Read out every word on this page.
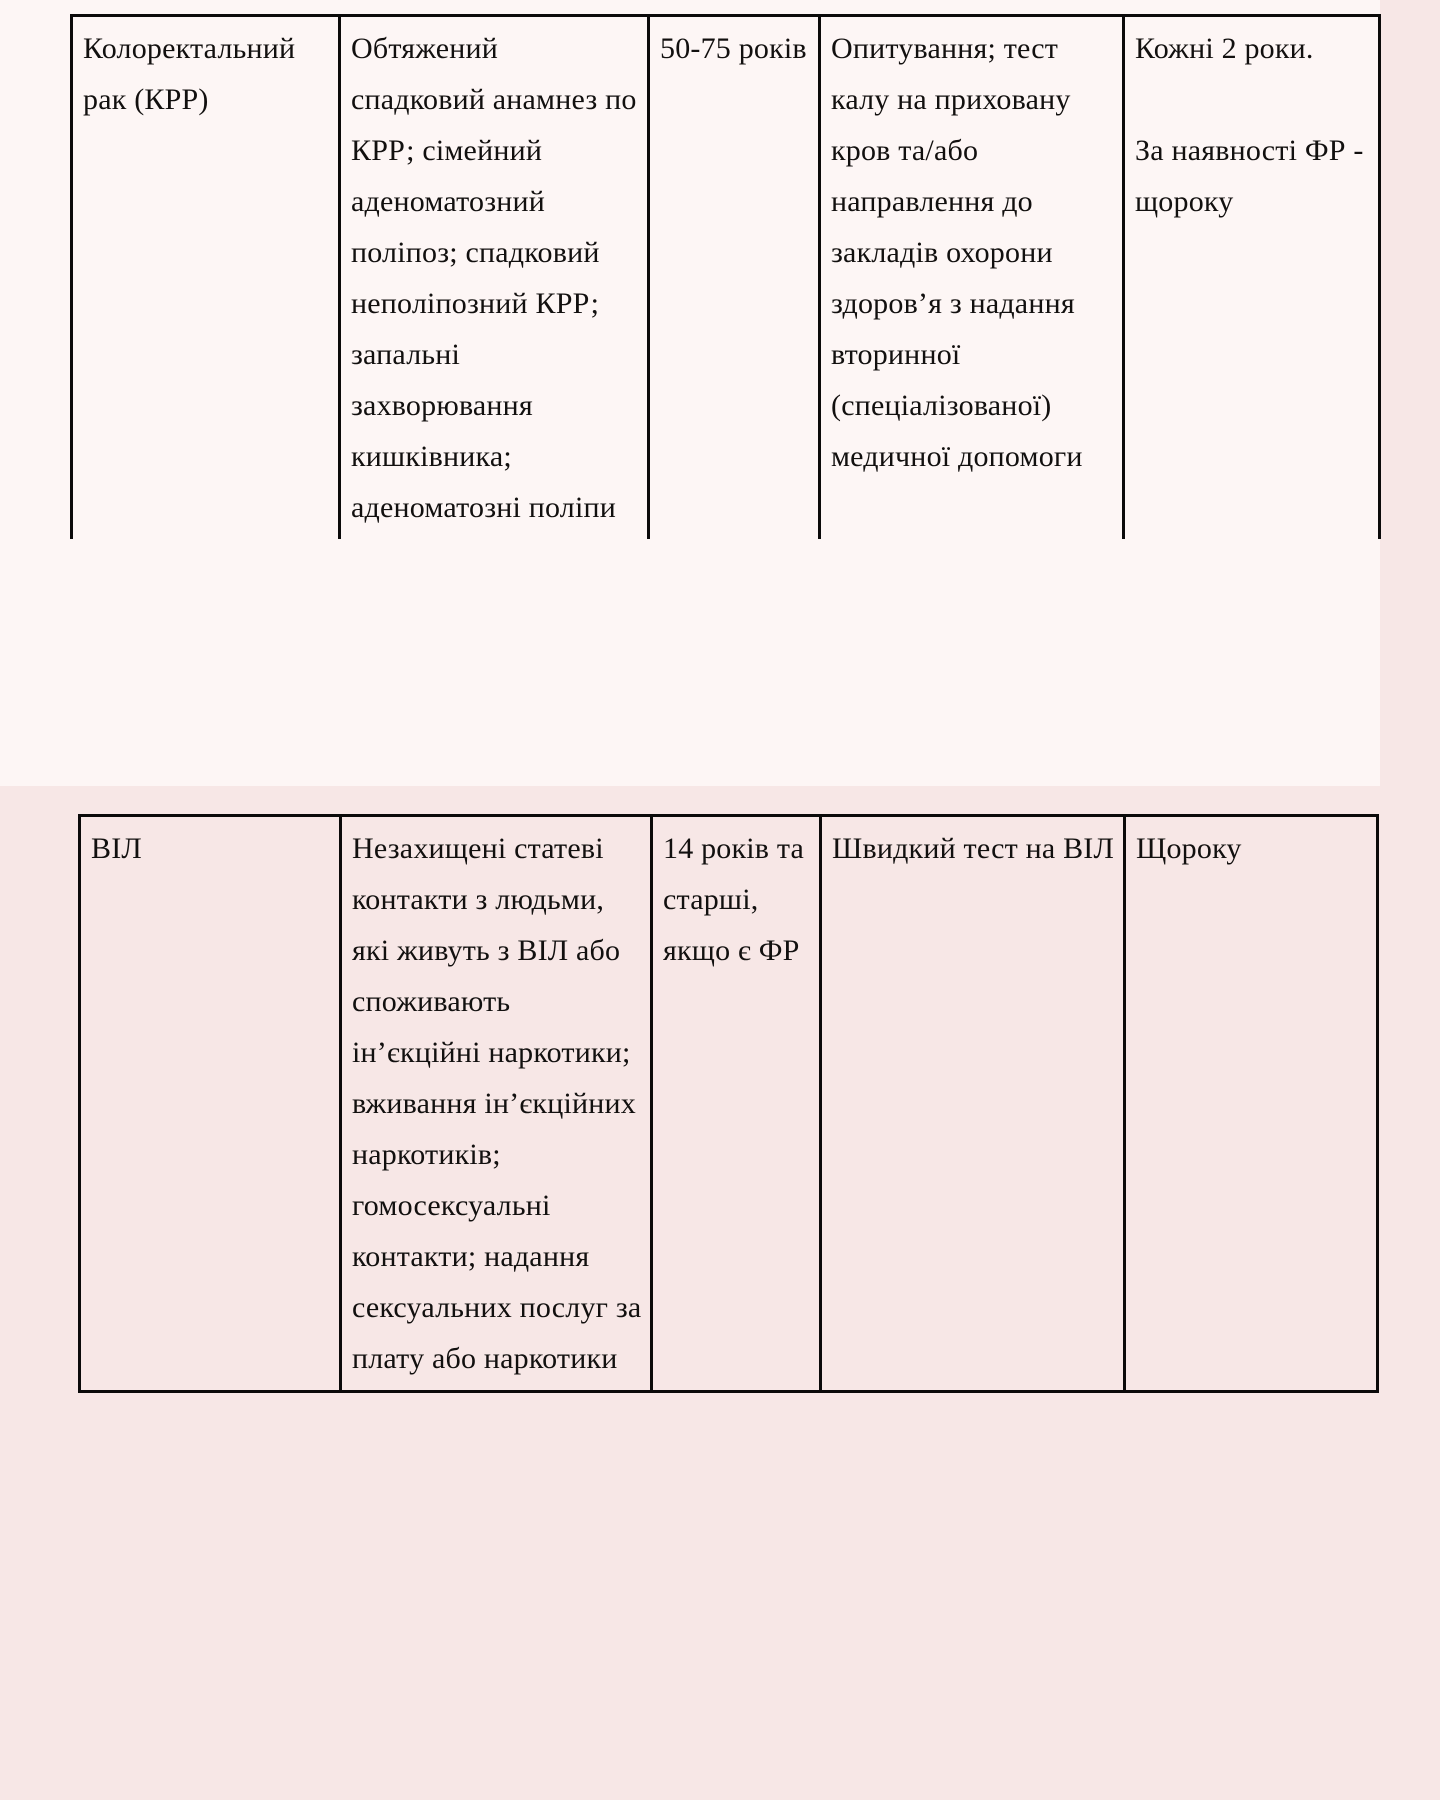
Колоректальний рак (КРР)	Обтяжений спадковий анамнез по КРР; сімейний аденоматозний поліпоз; спадковий неполіпозний КРР; запальні захворювання кишківника; аденоматозні поліпи	50-75 років	Опитування; тест калу на приховану кров та/або направлення до закладів охорони здоров’я з надання вторинної (спеціалізованої) медичної допомоги	Кожні 2 роки.
За наявності ФР - щороку
ВІЛ	Незахищені статеві контакти з людьми, які живуть з ВІЛ або споживають ін’єкційні наркотики; вживання ін’єкційних наркотиків; гомосексуальні контакти; надання сексуальних послуг за плату або наркотики	14 років та старші, якщо є ФР	Швидкий тест на ВІЛ	Щороку
